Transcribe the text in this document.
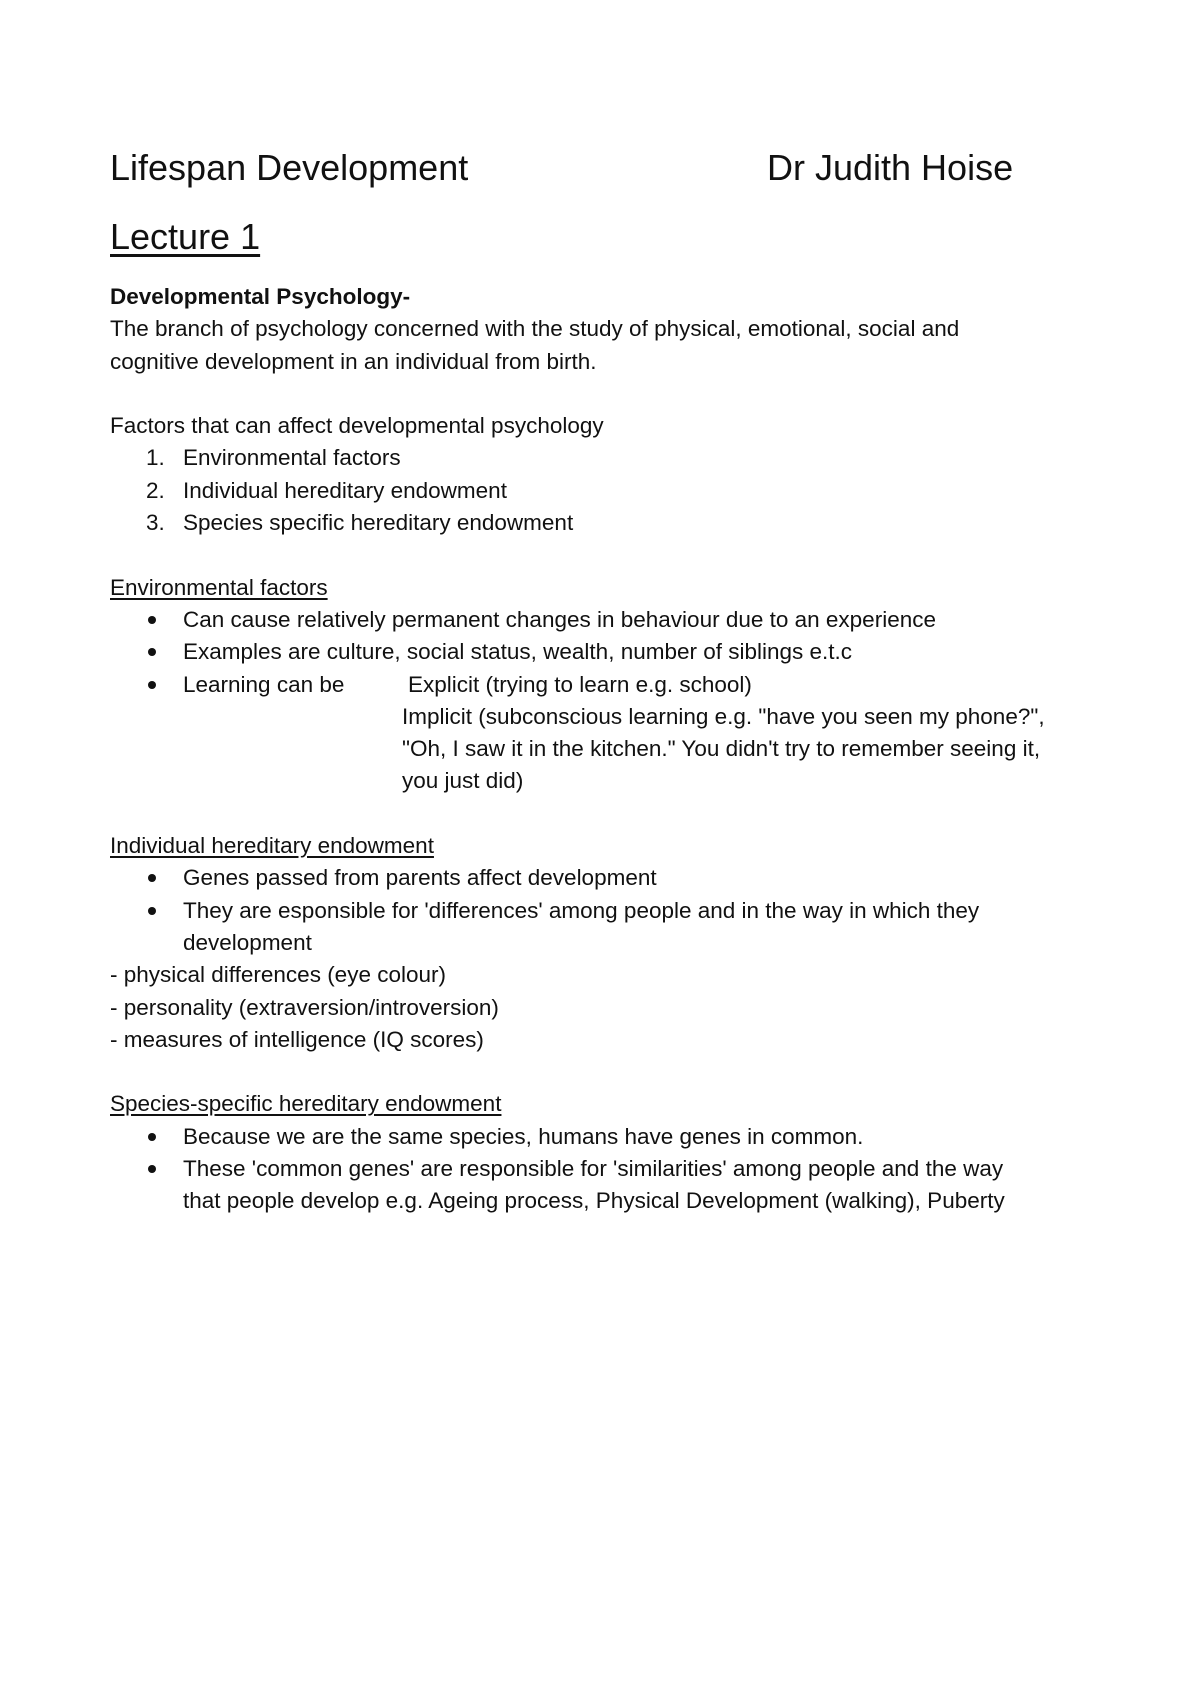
Lifespan Development	Dr Judith Hoise
Lecture 1
Developmental Psychology-
The branch of psychology concerned with the study of physical, emotional, social and
cognitive development in an individual from birth.
Factors that can affect developmental psychology
1. Environmental factors
2. Individual hereditary endowment
3. Species specific hereditary endowment
Environmental factors
Can cause relatively permanent changes in behaviour due to an experience
Examples are culture, social status, wealth, number of siblings e.t.c
Learning can be	Explicit (trying to learn e.g. school)
Implicit (subconscious learning e.g. "have you seen my phone?",
"Oh, I saw it in the kitchen." You didn't try to remember seeing it,
you just did)
Individual hereditary endowment
Genes passed from parents affect development
They are esponsible for 'differences' among people and in the way in which they
development
- physical differences (eye colour)
- personality (extraversion/introversion)
- measures of intelligence (IQ scores)
Species-specific hereditary endowment
Because we are the same species, humans have genes in common.
These 'common genes' are responsible for 'similarities' among people and the way
that people develop e.g. Ageing process, Physical Development (walking), Puberty
